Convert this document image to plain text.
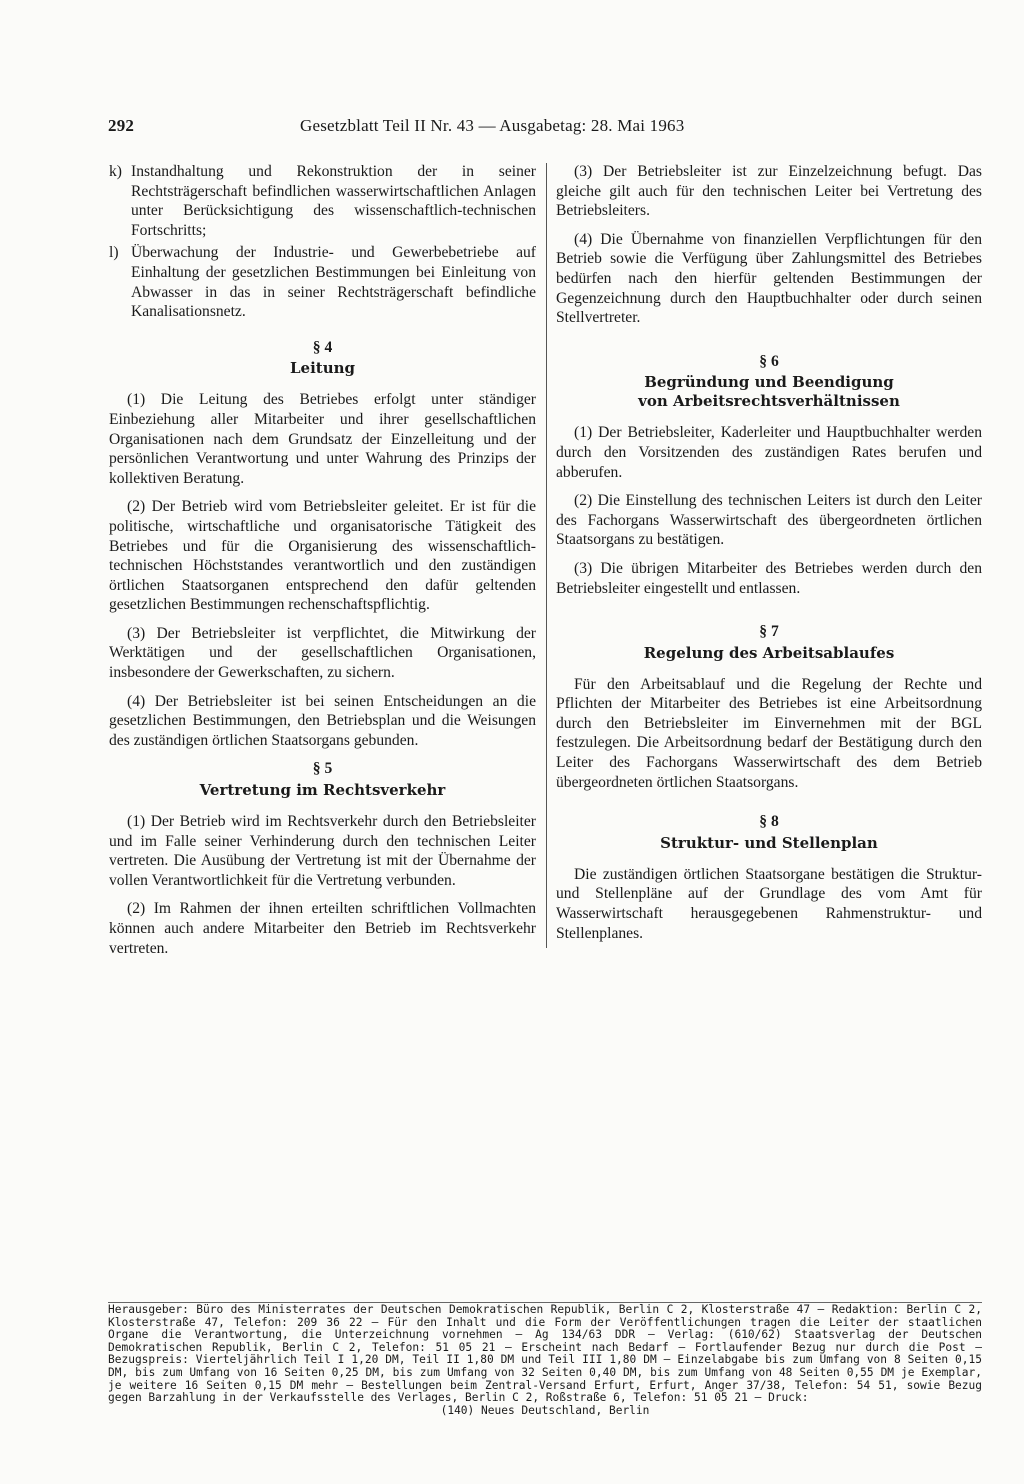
292	Gesetzblatt Teil II Nr. 43 — Ausgabetag: 28. Mai 1963
k) Instandhaltung und Rekonstruktion der in seiner Rechtsträgerschaft befindlichen wasserwirtschaftlichen Anlagen unter Berücksichtigung des wissenschaftlich-technischen Fortschritts;
l) Überwachung der Industrie- und Gewerbebetriebe auf Einhaltung der gesetzlichen Bestimmungen bei Einleitung von Abwasser in das in seiner Rechtsträgerschaft befindliche Kanalisationsnetz.
§ 4
Leitung

(1) Die Leitung des Betriebes erfolgt unter ständiger Einbeziehung aller Mitarbeiter und ihrer gesellschaftlichen Organisationen nach dem Grundsatz der Einzelleitung und der persönlichen Verantwortung und unter Wahrung des Prinzips der kollektiven Beratung.

(2) Der Betrieb wird vom Betriebsleiter geleitet. Er ist für die politische, wirtschaftliche und organisatorische Tätigkeit des Betriebes und für die Organisierung des wissenschaftlich-technischen Höchststandes verantwortlich und den zuständigen örtlichen Staatsorganen entsprechend den dafür geltenden gesetzlichen Bestimmungen rechenschaftspflichtig.

(3) Der Betriebsleiter ist verpflichtet, die Mitwirkung der Werktätigen und der gesellschaftlichen Organisationen, insbesondere der Gewerkschaften, zu sichern.

(4) Der Betriebsleiter ist bei seinen Entscheidungen an die gesetzlichen Bestimmungen, den Betriebsplan und die Weisungen des zuständigen örtlichen Staatsorgans gebunden.

§ 5
Vertretung im Rechtsverkehr

(1) Der Betrieb wird im Rechtsverkehr durch den Betriebsleiter und im Falle seiner Verhinderung durch den technischen Leiter vertreten. Die Ausübung der Vertretung ist mit der Übernahme der vollen Verantwortlichkeit für die Vertretung verbunden.

(2) Im Rahmen der ihnen erteilten schriftlichen Vollmachten können auch andere Mitarbeiter den Betrieb im Rechtsverkehr vertreten.

(3) Der Betriebsleiter ist zur Einzelzeichnung befugt. Das gleiche gilt auch für den technischen Leiter bei Vertretung des Betriebsleiters.

(4) Die Übernahme von finanziellen Verpflichtungen für den Betrieb sowie die Verfügung über Zahlungsmittel des Betriebes bedürfen nach den hierfür geltenden Bestimmungen der Gegenzeichnung durch den Hauptbuchhalter oder durch seinen Stellvertreter.

§ 6
Begründung und Beendigung
von Arbeitsrechtsverhältnissen

(1) Der Betriebsleiter, Kaderleiter und Hauptbuchhalter werden durch den Vorsitzenden des zuständigen Rates berufen und abberufen.

(2) Die Einstellung des technischen Leiters ist durch den Leiter des Fachorgans Wasserwirtschaft des übergeordneten örtlichen Staatsorgans zu bestätigen.

(3) Die übrigen Mitarbeiter des Betriebes werden durch den Betriebsleiter eingestellt und entlassen.

§ 7
Regelung des Arbeitsablaufes

Für den Arbeitsablauf und die Regelung der Rechte und Pflichten der Mitarbeiter des Betriebes ist eine Arbeitsordnung durch den Betriebsleiter im Einvernehmen mit der BGL festzulegen. Die Arbeitsordnung bedarf der Bestätigung durch den Leiter des Fachorgans Wasserwirtschaft des dem Betrieb übergeordneten örtlichen Staatsorgans.

§ 8
Struktur- und Stellenplan

Die zuständigen örtlichen Staatsorgane bestätigen die Struktur- und Stellenpläne auf der Grundlage des vom Amt für Wasserwirtschaft herausgegebenen Rahmenstruktur- und Stellenplanes.

Herausgeber: Büro des Ministerrates der Deutschen Demokratischen Republik, Berlin C 2, Klosterstraße 47 — Redaktion: Berlin C 2, Klosterstraße 47, Telefon: 209 36 22 — Für den Inhalt und die Form der Veröffentlichungen tragen die Leiter der staatlichen Organe die Verantwortung, die Unterzeichnung vornehmen — Ag 134/63 DDR — Verlag: (610/62) Staatsverlag der Deutschen Demokratischen Republik, Berlin C 2, Telefon: 51 05 21 — Erscheint nach Bedarf — Fortlaufender Bezug nur durch die Post — Bezugspreis: Vierteljährlich Teil I 1,20 DM, Teil II 1,80 DM und Teil III 1,80 DM — Einzelabgabe bis zum Umfang von 8 Seiten 0,15 DM, bis zum Umfang von 16 Seiten 0,25 DM, bis zum Umfang von 32 Seiten 0,40 DM, bis zum Umfang von 48 Seiten 0,55 DM je Exemplar, je weitere 16 Seiten 0,15 DM mehr — Bestellungen beim Zentral-Versand Erfurt, Erfurt, Anger 37/38, Telefon: 54 51, sowie Bezug gegen Barzahlung in der Verkaufsstelle des Verlages, Berlin C 2, Roßstraße 6, Telefon: 51 05 21 — Druck:
(140) Neues Deutschland, Berlin
